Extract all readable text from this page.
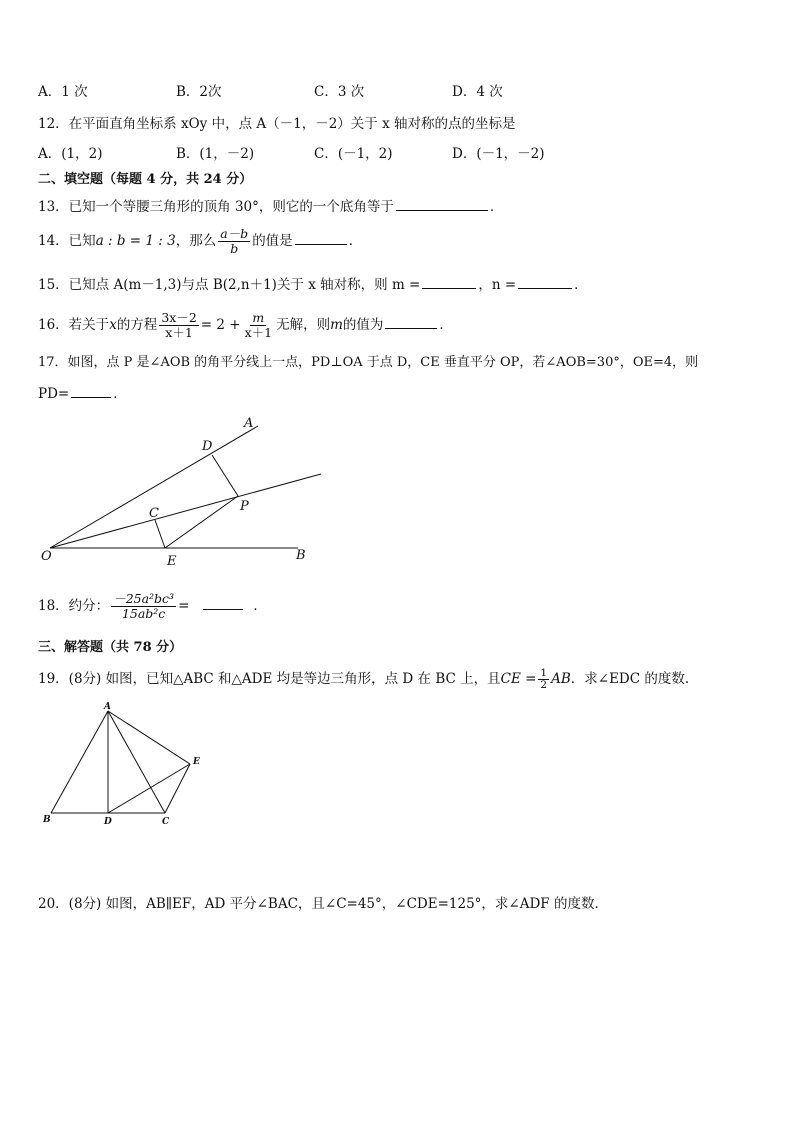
A．1 次	B．2次	C．3 次	D．4 次
12．在平面直角坐标系 xOy 中，点 A（－1，－2）关于 x 轴对称的点的坐标是
A．(1，2)	B．(1，－2)	C．(－1，2)	D．(－1，－2)
二、填空题（每题 4 分，共 24 分）
13．已知一个等腰三角形的顶角 30°，则它的一个底角等于	．
14．已知a : b = 1 : 3，那么 $\frac{a-b}{b}$ 的值是	．
15．已知点 A(m－1,3)与点 B(2,n＋1)关于 x 轴对称，则 m =	，n =	．
16．若关于x的方程 $\frac{3x-2}{x+1} = 2 + \frac{m}{x+1}$ 无解，则m的值为	．
17．如图，点 P 是∠AOB 的角平分线上一点，PD⊥OA 于点 D，CE 垂直平分 OP，若∠AOB=30°，OE=4，则
PD=	．
A
D
P
C
O	E	B
18．约分： $\frac{\text{－25a²bc³}}{\text{15ab²c}}$ =	．
三、解答题（共 78 分）
19．(8分) 如图，已知△ABC 和△ADE 均是等边三角形，点 D 在 BC 上，且CE = $\frac{1}{2}$ AB．求∠EDC 的度数.
A
B	D	C
E
20．(8分) 如图，AB∥EF，AD 平分∠BAC，且∠C=45°，∠CDE=125°，求∠ADF 的度数．
